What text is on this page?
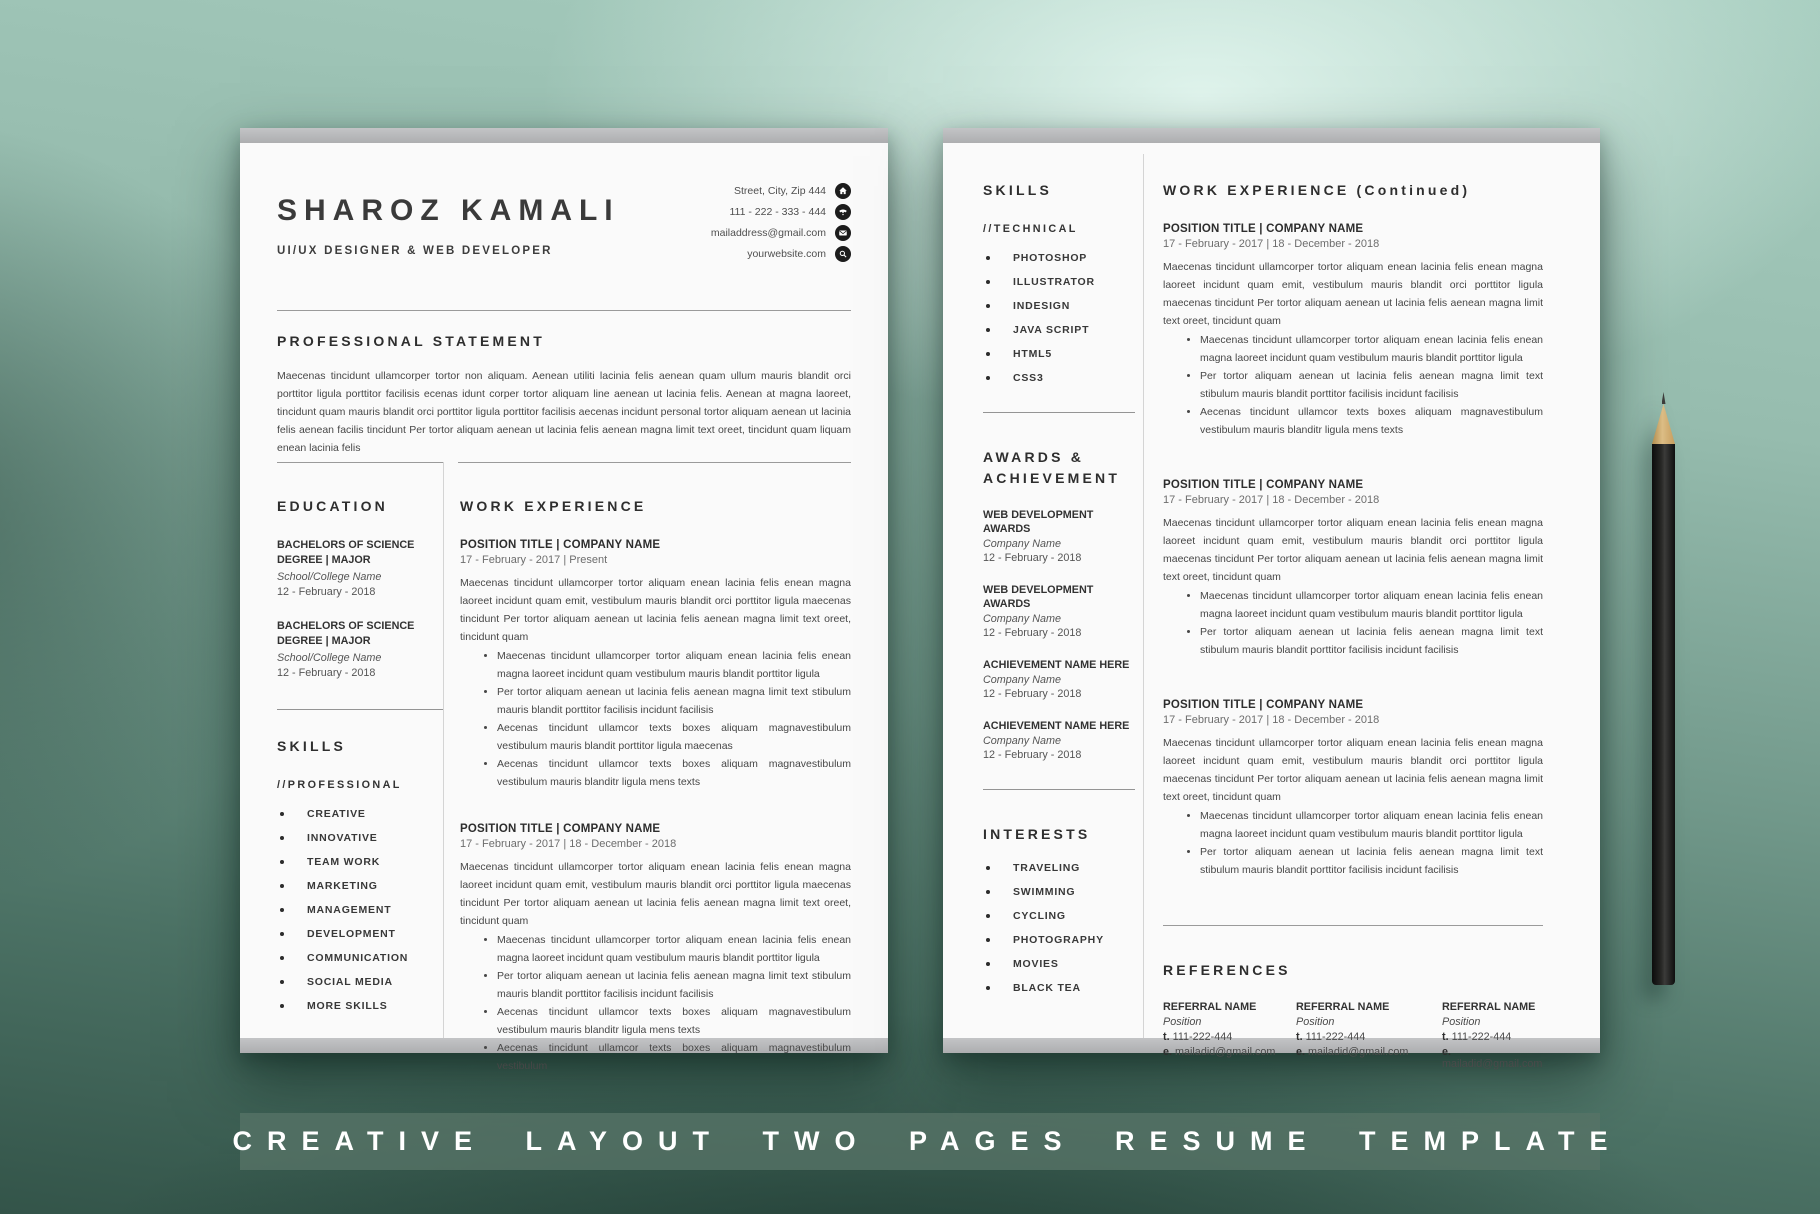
SHAROZ KAMALI
UI/UX DESIGNER & WEB DEVELOPER
Street, City, Zip 444
111 - 222 - 333 - 444
mailaddress@gmail.com
yourwebsite.com
PROFESSIONAL STATEMENT

Maecenas tincidunt ullamcorper tortor non aliquam. Aenean utiliti lacinia felis aenean quam ullum mauris blandit orci porttitor ligula porttitor facilisis ecenas idunt corper tortor aliquam line aenean ut lacinia felis. Aenean at magna laoreet, tincidunt quam mauris blandit orci porttitor ligula porttitor facilisis aecenas incidunt personal tortor aliquam aenean ut lacinia felis aenean facilis tincidunt Per tortor aliquam aenean ut lacinia felis aenean magna limit text oreet, tincidunt quam liquam enean lacinia felis

EDUCATION
BACHELORS OF SCIENCE DEGREE | MAJOR
School/College Name
12 - February - 2018
BACHELORS OF SCIENCE DEGREE | MAJOR
School/College Name
12 - February - 2018
SKILLS
//PROFESSIONAL
CREATIVE
INNOVATIVE
TEAM WORK
MARKETING
MANAGEMENT
DEVELOPMENT
COMMUNICATION
SOCIAL MEDIA
MORE SKILLS
WORK EXPERIENCE
POSITION TITLE | COMPANY NAME
17 - February - 2017 | Present

Maecenas tincidunt ullamcorper tortor aliquam enean lacinia felis enean magna laoreet incidunt quam emit, vestibulum mauris blandit orci porttitor ligula maecenas tincidunt Per tortor aliquam aenean ut lacinia felis aenean magna limit text oreet, tincidunt quam

• Maecenas tincidunt ullamcorper tortor aliquam enean lacinia felis enean magna laoreet incidunt quam vestibulum mauris blandit porttitor ligula
• Per tortor aliquam aenean ut lacinia felis aenean magna limit text stibulum mauris blandit porttitor facilisis incidunt facilisis
• Aecenas tincidunt ullamcor texts boxes aliquam magnavestibulum vestibulum mauris blandit porttitor ligula maecenas
• Aecenas tincidunt ullamcor texts boxes aliquam magnavestibulum vestibulum mauris blanditr ligula mens texts
POSITION TITLE | COMPANY NAME
17 - February - 2017 | 18 - December - 2018

Maecenas tincidunt ullamcorper tortor aliquam enean lacinia felis enean magna laoreet incidunt quam emit, vestibulum mauris blandit orci porttitor ligula maecenas tincidunt Per tortor aliquam aenean ut lacinia felis aenean magna limit text oreet, tincidunt quam

• Maecenas tincidunt ullamcorper tortor aliquam enean lacinia felis enean magna laoreet incidunt quam vestibulum mauris blandit porttitor ligula
• Per tortor aliquam aenean ut lacinia felis aenean magna limit text stibulum mauris blandit porttitor facilisis incidunt facilisis
• Aecenas tincidunt ullamcor texts boxes aliquam magnavestibulum vestibulum mauris blanditr ligula mens texts
• Aecenas tincidunt ullamcor texts boxes aliquam magnavestibulum vestibulum
SKILLS
//TECHNICAL
PHOTOSHOP
ILLUSTRATOR
INDESIGN
JAVA SCRIPT
HTML5
CSS3
AWARDS & ACHIEVEMENT
WEB DEVELOPMENT AWARDS
Company Name
12 - February - 2018
WEB DEVELOPMENT AWARDS
Company Name
12 - February - 2018
ACHIEVEMENT NAME HERE
Company Name
12 - February - 2018
ACHIEVEMENT NAME HERE
Company Name
12 - February - 2018
INTERESTS
TRAVELING
SWIMMING
CYCLING
PHOTOGRAPHY
MOVIES
BLACK TEA
WORK EXPERIENCE (Continued)
POSITION TITLE | COMPANY NAME
17 - February - 2017 | 18 - December - 2018

Maecenas tincidunt ullamcorper tortor aliquam enean lacinia felis enean magna laoreet incidunt quam emit, vestibulum mauris blandit orci porttitor ligula maecenas tincidunt Per tortor aliquam aenean ut lacinia felis aenean magna limit text oreet, tincidunt quam

• Maecenas tincidunt ullamcorper tortor aliquam enean lacinia felis enean magna laoreet incidunt quam vestibulum mauris blandit porttitor ligula
• Per tortor aliquam aenean ut lacinia felis aenean magna limit text stibulum mauris blandit porttitor facilisis incidunt facilisis
• Aecenas tincidunt ullamcor texts boxes aliquam magnavestibulum vestibulum mauris blanditr ligula mens texts
POSITION TITLE | COMPANY NAME
17 - February - 2017 | 18 - December - 2018

Maecenas tincidunt ullamcorper tortor aliquam enean lacinia felis enean magna laoreet incidunt quam emit, vestibulum mauris blandit orci porttitor ligula maecenas tincidunt Per tortor aliquam aenean ut lacinia felis aenean magna limit text oreet, tincidunt quam

• Maecenas tincidunt ullamcorper tortor aliquam enean lacinia felis enean magna laoreet incidunt quam vestibulum mauris blandit porttitor ligula
• Per tortor aliquam aenean ut lacinia felis aenean magna limit text stibulum mauris blandit porttitor facilisis incidunt facilisis
POSITION TITLE | COMPANY NAME
17 - February - 2017 | 18 - December - 2018

Maecenas tincidunt ullamcorper tortor aliquam enean lacinia felis enean magna laoreet incidunt quam emit, vestibulum mauris blandit orci porttitor ligula maecenas tincidunt Per tortor aliquam aenean ut lacinia felis aenean magna limit text oreet, tincidunt quam

• Maecenas tincidunt ullamcorper tortor aliquam enean lacinia felis enean magna laoreet incidunt quam vestibulum mauris blandit porttitor ligula
• Per tortor aliquam aenean ut lacinia felis aenean magna limit text stibulum mauris blandit porttitor facilisis incidunt facilisis
REFERENCES
REFERRAL NAME
Position
t. 111-222-444
e. mailadid@gmail.com
REFERRAL NAME
Position
t. 111-222-444
e. mailadid@gmail.com
REFERRAL NAME
Position
t. 111-222-444
e. mailadid@gmail.com
CREATIVE LAYOUT TWO PAGES RESUME TEMPLATE
